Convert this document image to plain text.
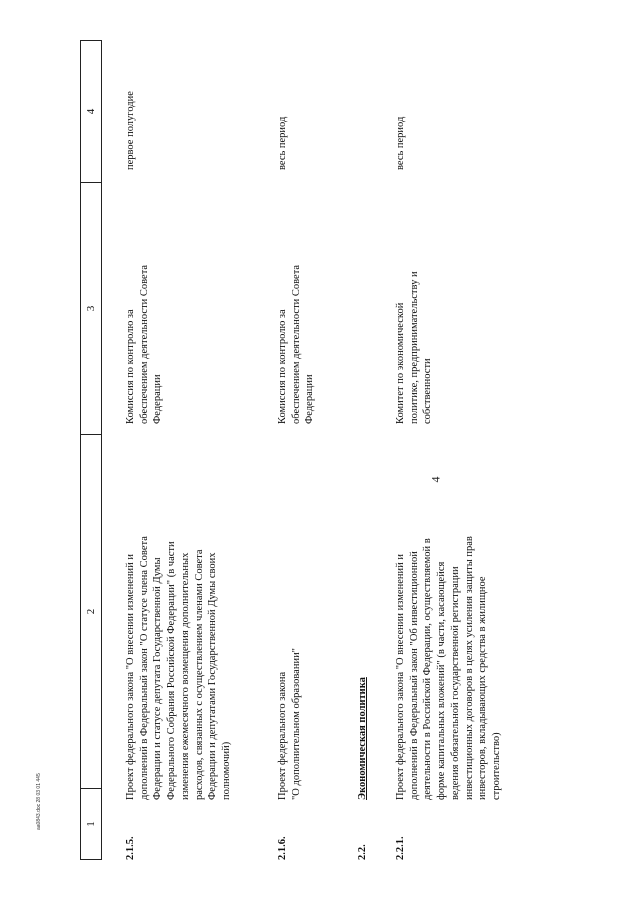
4
1
2
3
4
2.1.5.
Проект федерального закона "О внесении изменений и
дополнений в Федеральный закон "О статусе члена Совета
Федерации и статусе депутата Государственной Думы
Федерального Собрания Российской Федерации" (в части
изменения ежемесячного возмещения дополнительных
расходов, связанных с осуществлением членами Совета
Федерации и депутатами Государственной Думы своих
полномочий)
Комиссия по контролю за
обеспечением деятельности Совета
Федерации
первое полугодие
2.1.6.
Проект федерального закона
"О дополнительном образовании"
Комиссия по контролю за
обеспечением деятельности Совета
Федерации
весь период
2.2.
Экономическая политика
2.2.1.
Проект федерального закона "О внесении изменений и
дополнений в Федеральный закон "Об инвестиционной
деятельности в Российской Федерации, осуществляемой в
форме капитальных вложений" (в части, касающейся
ведения обязательной государственной регистрации
инвестиционных договоров в целях усиления защиты прав
инвесторов, вкладывающих средства в жилищное
строительство)
Комитет по экономической
политике, предпринимательству и
собственности
весь период
aa0843.doc 28 03 01 445
